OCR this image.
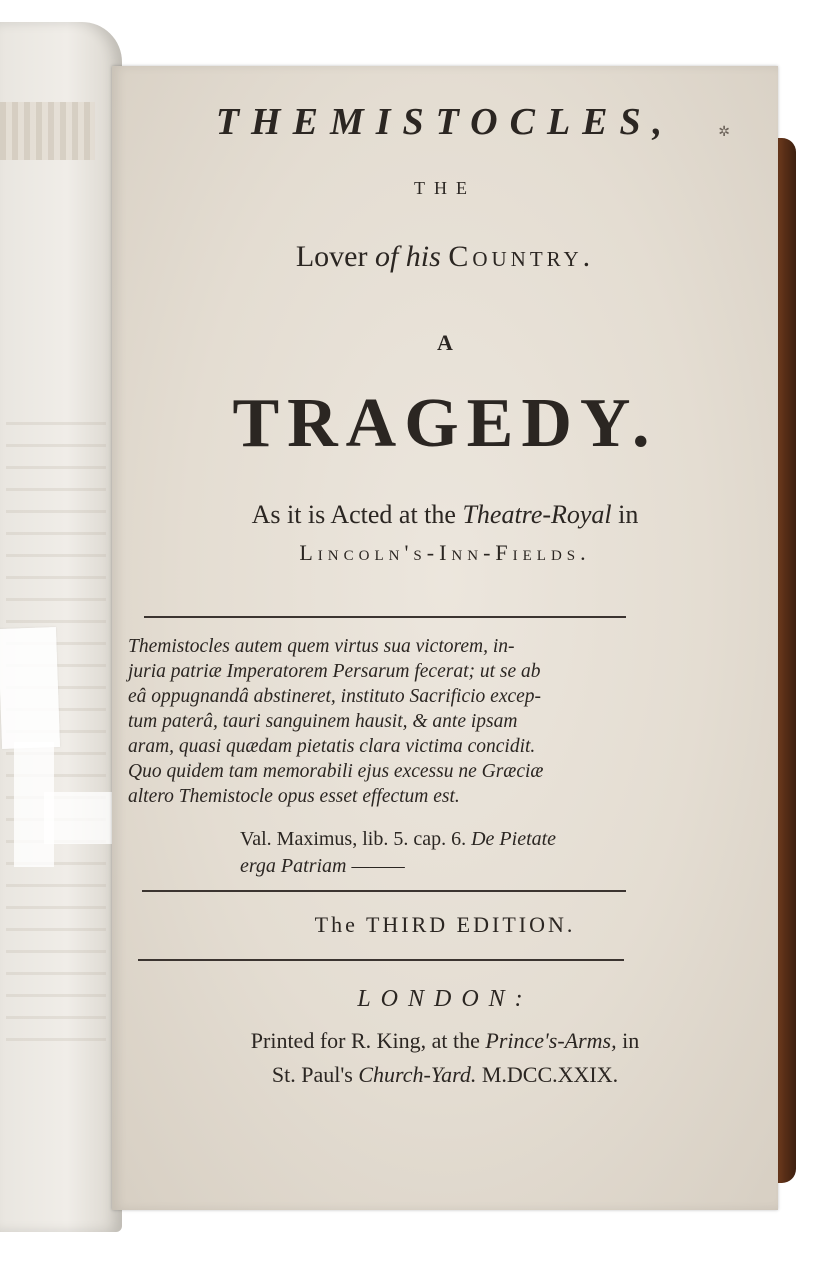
✲
THEMISTOCLES,
THE
Lover of his Country.
A
TRAGEDY.
As it is Acted at the Theatre-Royal in
Lincoln's-Inn-Fields.
Themistocles autem quem virtus sua victorem, in-
juria patriæ Imperatorem Persarum fecerat; ut se ab
eâ oppugnandâ abstineret, instituto Sacrificio excep-
tum paterâ, tauri sanguinem hausit, & ante ipsam
aram, quasi quædam pietatis clara victima concidit.
Quo quidem tam memorabili ejus excessu ne Græciæ
altero Themistocle opus esset effectum est.
Val. Maximus, lib. 5. cap. 6. De Pietate
erga Patriam ———
The THIRD EDITION.
LONDON:
Printed for R. King, at the Prince's-Arms, in
St. Paul's Church-Yard. M.DCC.XXIX.
